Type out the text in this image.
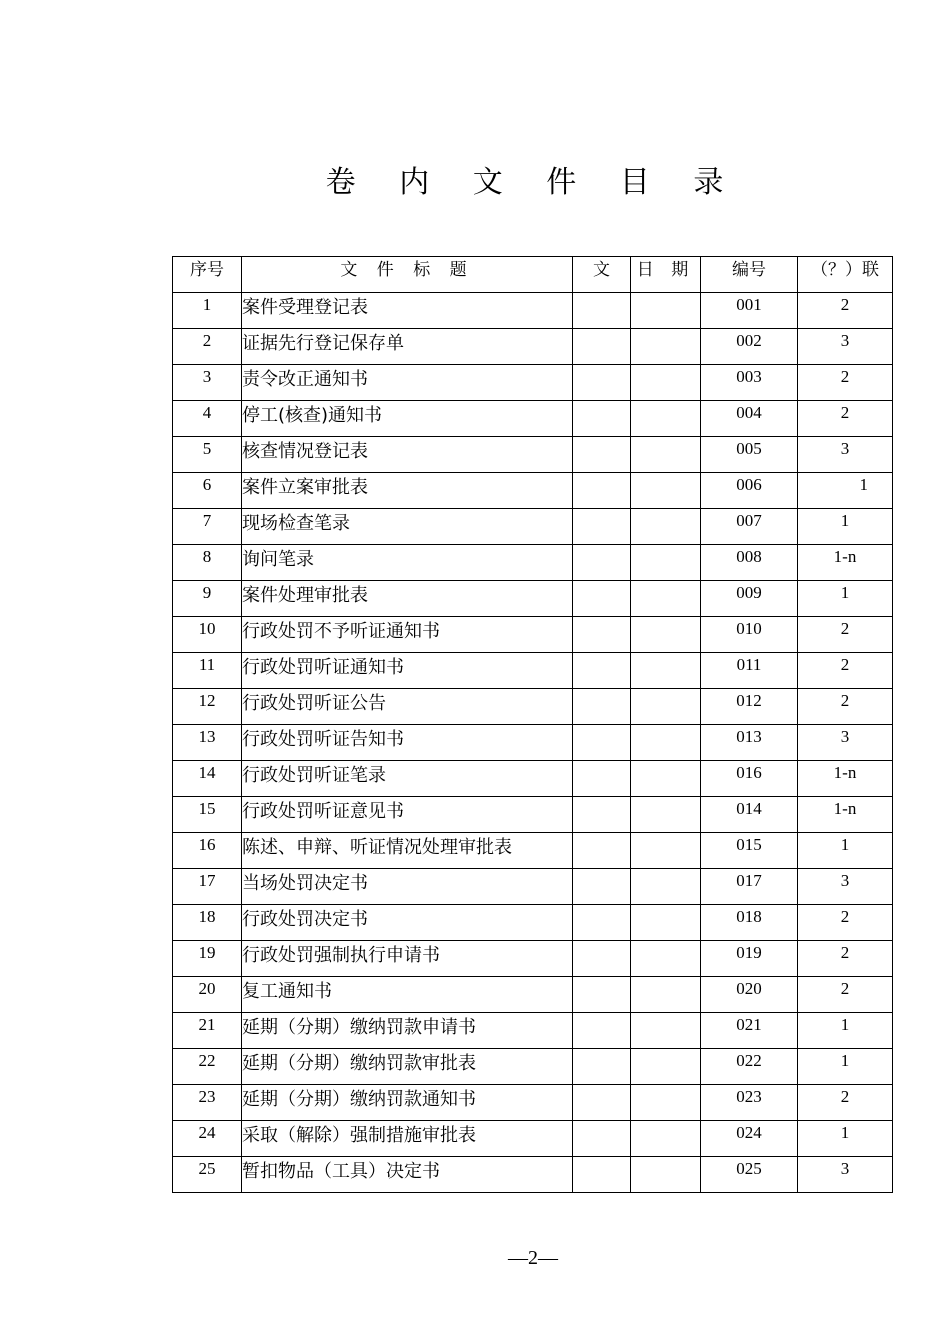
卷 内 文 件 目 录
序号	文 件 标 题	文	日 期	编号	（？）联
1	案件受理登记表			001	2
2	证据先行登记保存单			002	3
3	责令改正通知书			003	2
4	停工(核查)通知书			004	2
5	核查情况登记表			005	3
6	案件立案审批表			006	1
7	现场检查笔录			007	1
8	询问笔录			008	1-n
9	案件处理审批表			009	1
10	行政处罚不予听证通知书			010	2
11	行政处罚听证通知书			011	2
12	行政处罚听证公告			012	2
13	行政处罚听证告知书			013	3
14	行政处罚听证笔录			016	1-n
15	行政处罚听证意见书			014	1-n
16	陈述、申辩、听证情况处理审批表			015	1
17	当场处罚决定书			017	3
18	行政处罚决定书			018	2
19	行政处罚强制执行申请书			019	2
20	复工通知书			020	2
21	延期（分期）缴纳罚款申请书			021	1
22	延期（分期）缴纳罚款审批表			022	1
23	延期（分期）缴纳罚款通知书			023	2
24	采取（解除）强制措施审批表			024	1
25	暂扣物品（工具）决定书			025	3
—2—
